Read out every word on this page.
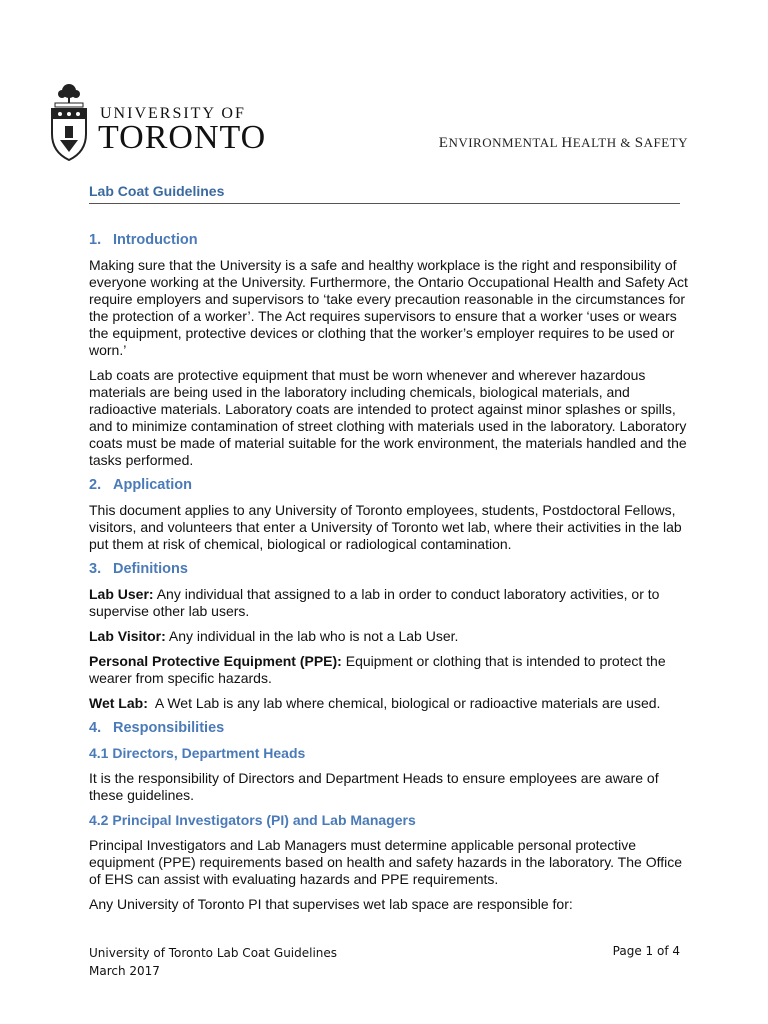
UNIVERSITY OF
TORONTO	ENVIRONMENTAL HEALTH & SAFETY
Lab Coat Guidelines
1. Introduction

Making sure that the University is a safe and healthy workplace is the right and responsibility of everyone working at the University. Furthermore, the Ontario Occupational Health and Safety Act require employers and supervisors to ‘take every precaution reasonable in the circumstances for the protection of a worker’. The Act requires supervisors to ensure that a worker ‘uses or wears the equipment, protective devices or clothing that the worker’s employer requires to be used or worn.’

Lab coats are protective equipment that must be worn whenever and wherever hazardous materials are being used in the laboratory including chemicals, biological materials, and radioactive materials. Laboratory coats are intended to protect against minor splashes or spills, and to minimize contamination of street clothing with materials used in the laboratory. Laboratory coats must be made of material suitable for the work environment, the materials handled and the tasks performed.

2. Application

This document applies to any University of Toronto employees, students, Postdoctoral Fellows, visitors, and volunteers that enter a University of Toronto wet lab, where their activities in the lab put them at risk of chemical, biological or radiological contamination.

3. Definitions

Lab User: Any individual that assigned to a lab in order to conduct laboratory activities, or to supervise other lab users.

Lab Visitor: Any individual in the lab who is not a Lab User.

Personal Protective Equipment (PPE): Equipment or clothing that is intended to protect the wearer from specific hazards.

Wet Lab:  A Wet Lab is any lab where chemical, biological or radioactive materials are used.

4. Responsibilities
4.1 Directors, Department Heads

It is the responsibility of Directors and Department Heads to ensure employees are aware of these guidelines.

4.2 Principal Investigators (PI) and Lab Managers

Principal Investigators and Lab Managers must determine applicable personal protective equipment (PPE) requirements based on health and safety hazards in the laboratory. The Office of EHS can assist with evaluating hazards and PPE requirements.

Any University of Toronto PI that supervises wet lab space are responsible for:

University of Toronto Lab Coat Guidelines
March 2017
Page 1 of 4
